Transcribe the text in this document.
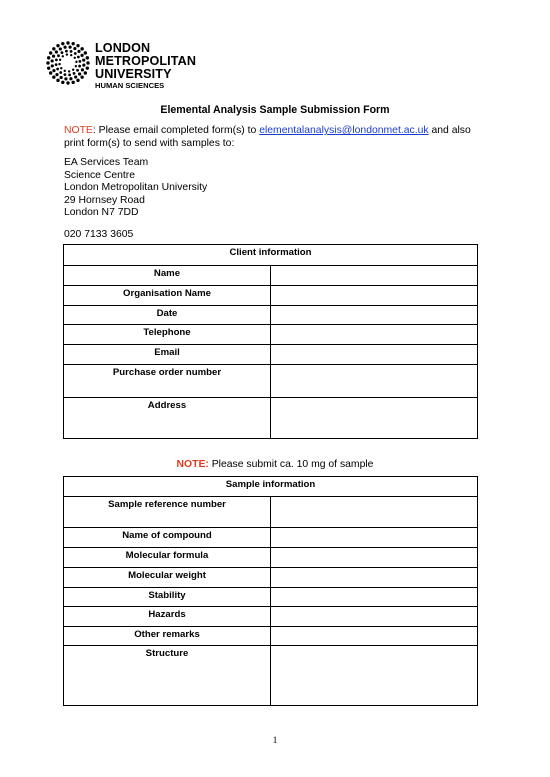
LONDON
METROPOLITAN
UNIVERSITY
HUMAN SCIENCES
Elemental Analysis Sample Submission Form
NOTE: Please email completed form(s) to elementalanalysis@londonmet.ac.uk and also print form(s) to send with samples to:
EA Services Team
Science Centre
London Metropolitan University
29 Hornsey Road
London N7 7DD
020 7133 3605
Client information	
Name	
Organisation Name	
Date	
Telephone	
Email	
Purchase order number	
Address	
NOTE: Please submit ca. 10 mg of sample
Sample information	
Sample reference number	
Name of compound	
Molecular formula	
Molecular weight	
Stability	
Hazards	
Other remarks	
Structure	
1
